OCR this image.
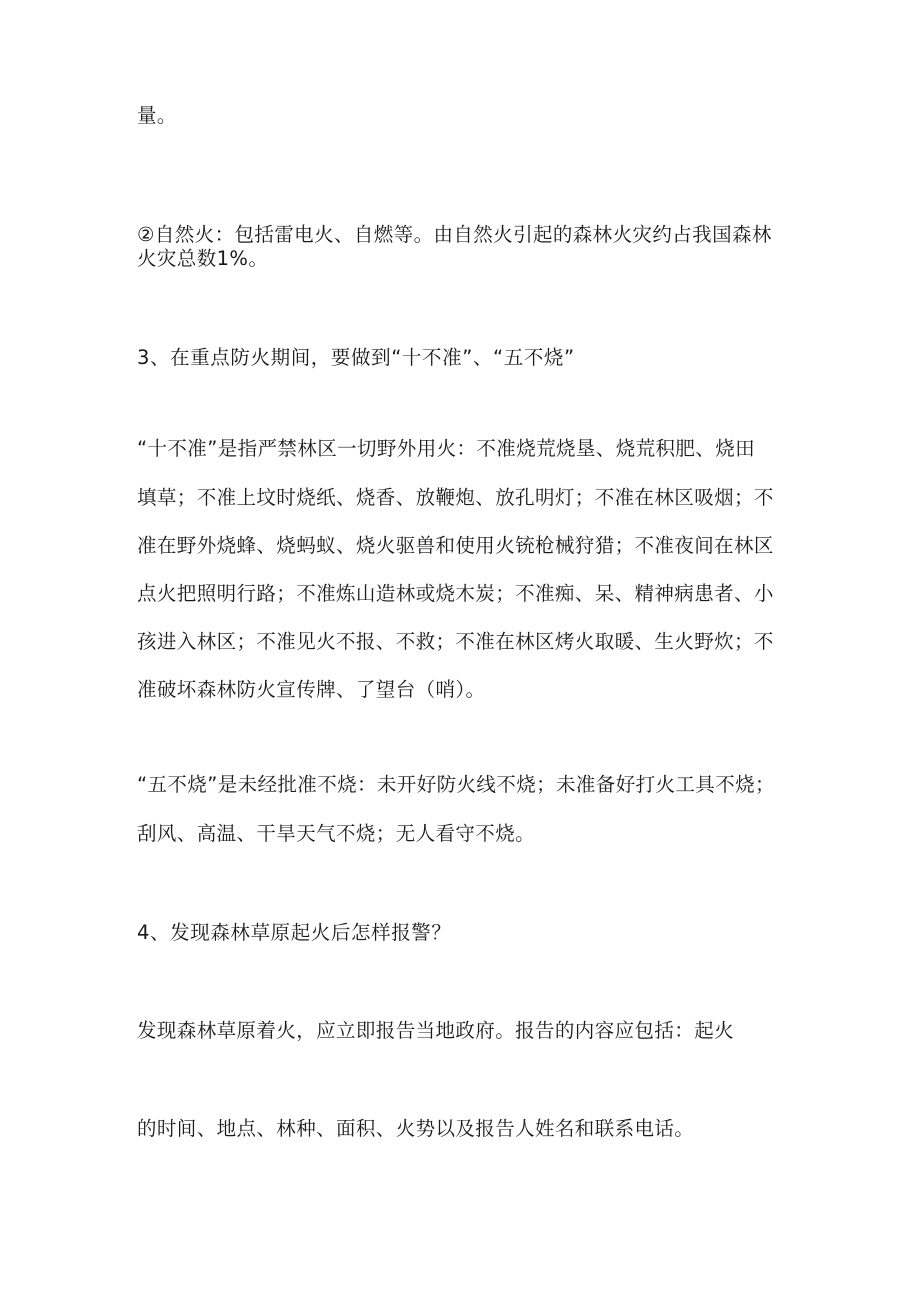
量。
②自然火：包括雷电火、自燃等。由自然火引起的森林火灾约占我国森林
火灾总数1%。
3、在重点防火期间，要做到“十不准”、“五不烧”
“十不准”是指严禁林区一切野外用火：不准烧荒烧垦、烧荒积肥、烧田
填草；不准上坟时烧纸、烧香、放鞭炮、放孔明灯；不准在林区吸烟；不
准在野外烧蜂、烧蚂蚁、烧火驱兽和使用火铳枪械狩猎；不准夜间在林区
点火把照明行路；不准炼山造林或烧木炭；不准痴、呆、精神病患者、小
孩进入林区；不准见火不报、不救；不准在林区烤火取暖、生火野炊；不
准破坏森林防火宣传牌、了望台（哨）。
“五不烧”是未经批准不烧：未开好防火线不烧；未准备好打火工具不烧；
刮风、高温、干旱天气不烧；无人看守不烧。
4、发现森林草原起火后怎样报警？
发现森林草原着火，应立即报告当地政府。报告的内容应包括：起火
的时间、地点、林种、面积、火势以及报告人姓名和联系电话。
